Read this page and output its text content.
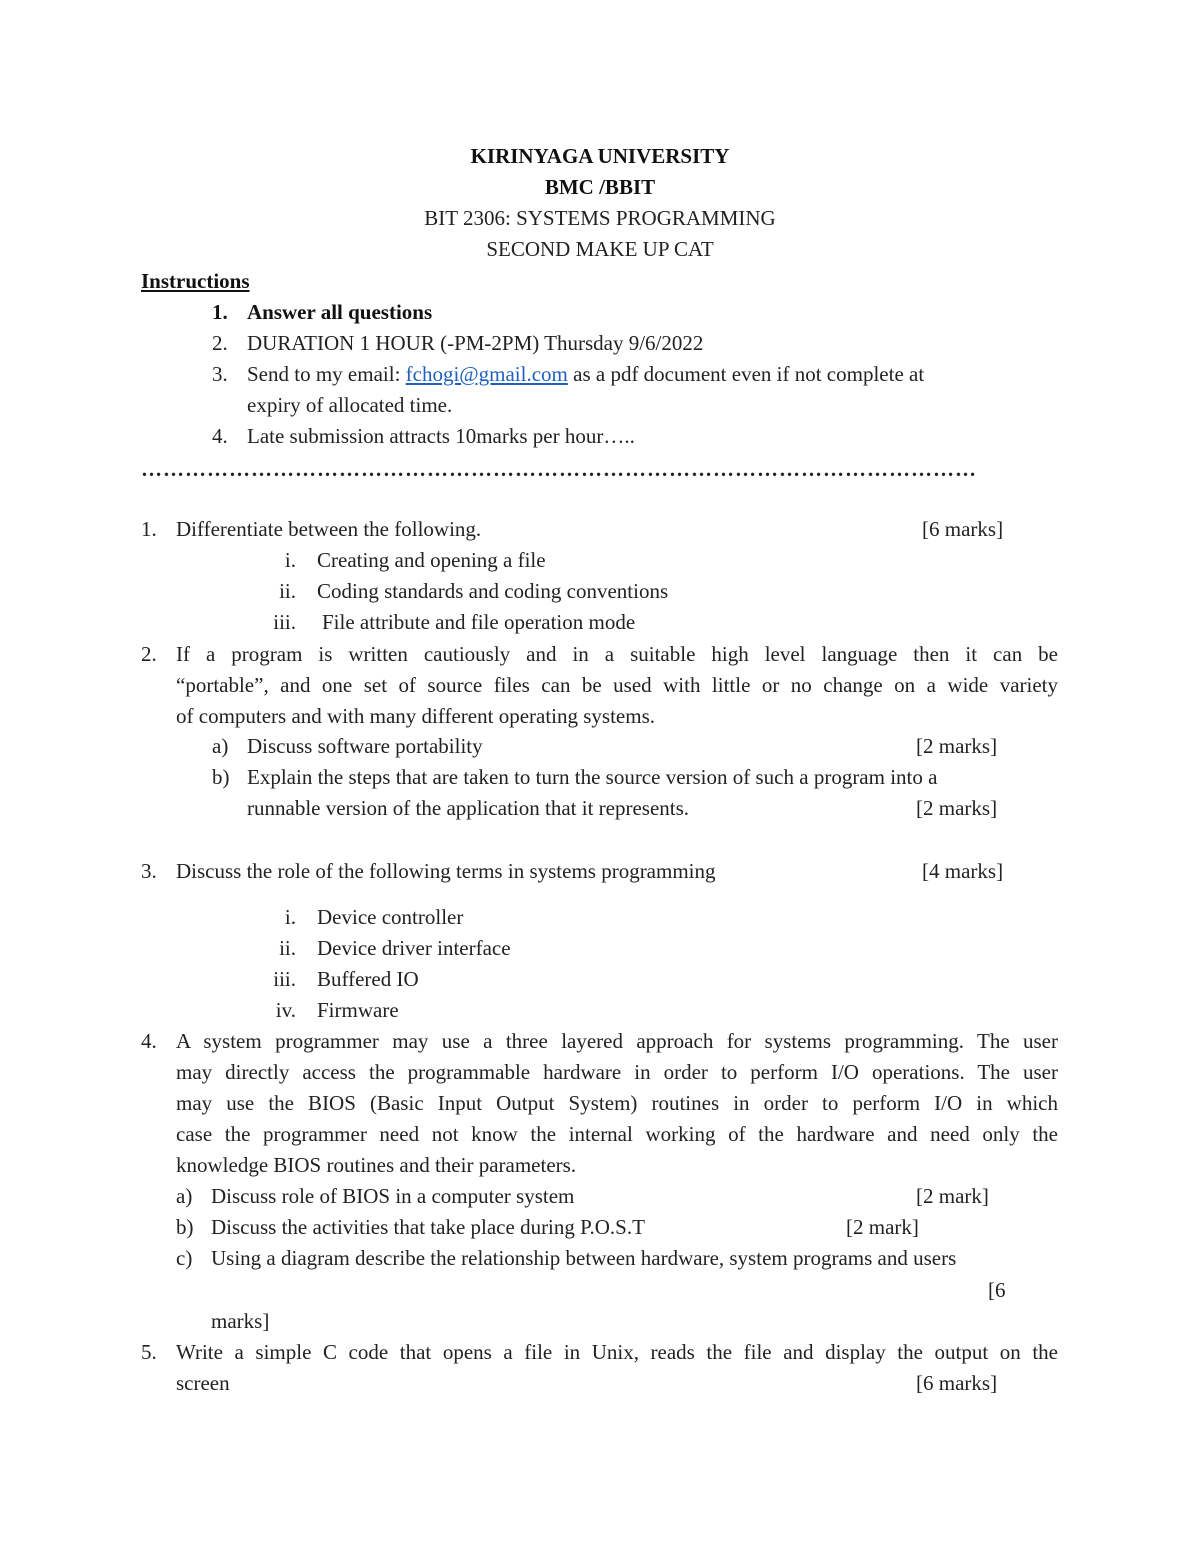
KIRINYAGA UNIVERSITY
BMC /BBIT
BIT 2306: SYSTEMS PROGRAMMING
SECOND MAKE UP CAT
Instructions
1. Answer all questions
2. DURATION 1 HOUR (-PM-2PM) Thursday 9/6/2022
3. Send to my email: fchogi@gmail.com as a pdf document even if not complete at
expiry of allocated time.
4. Late submission attracts 10marks per hour…..
……………………………………………………………………………………………………
1. Differentiate between the following.	[6 marks]
i. Creating and opening a file
ii. Coding standards and coding conventions
iii. File attribute and file operation mode
2. If a program is written cautiously and in a suitable high level language then it can be
“portable”, and one set of source files can be used with little or no change on a wide variety
of computers and with many different operating systems.
a) Discuss software portability	[2 marks]
b) Explain the steps that are taken to turn the source version of such a program into a
runnable version of the application that it represents.	[2 marks]
3. Discuss the role of the following terms in systems programming	[4 marks]
i. Device controller
ii. Device driver interface
iii. Buffered IO
iv. Firmware
4. A system programmer may use a three layered approach for systems programming. The user
may directly access the programmable hardware in order to perform I/O operations. The user
may use the BIOS (Basic Input Output System) routines in order to perform I/O in which
case the programmer need not know the internal working of the hardware and need only the
knowledge BIOS routines and their parameters.
a) Discuss role of BIOS in a computer system	[2 mark]
b) Discuss the activities that take place during P.O.S.T	[2 mark]
c) Using a diagram describe the relationship between hardware, system programs and users
[6
marks]
5. Write a simple C code that opens a file in Unix, reads the file and display the output on the
screen	[6 marks]
